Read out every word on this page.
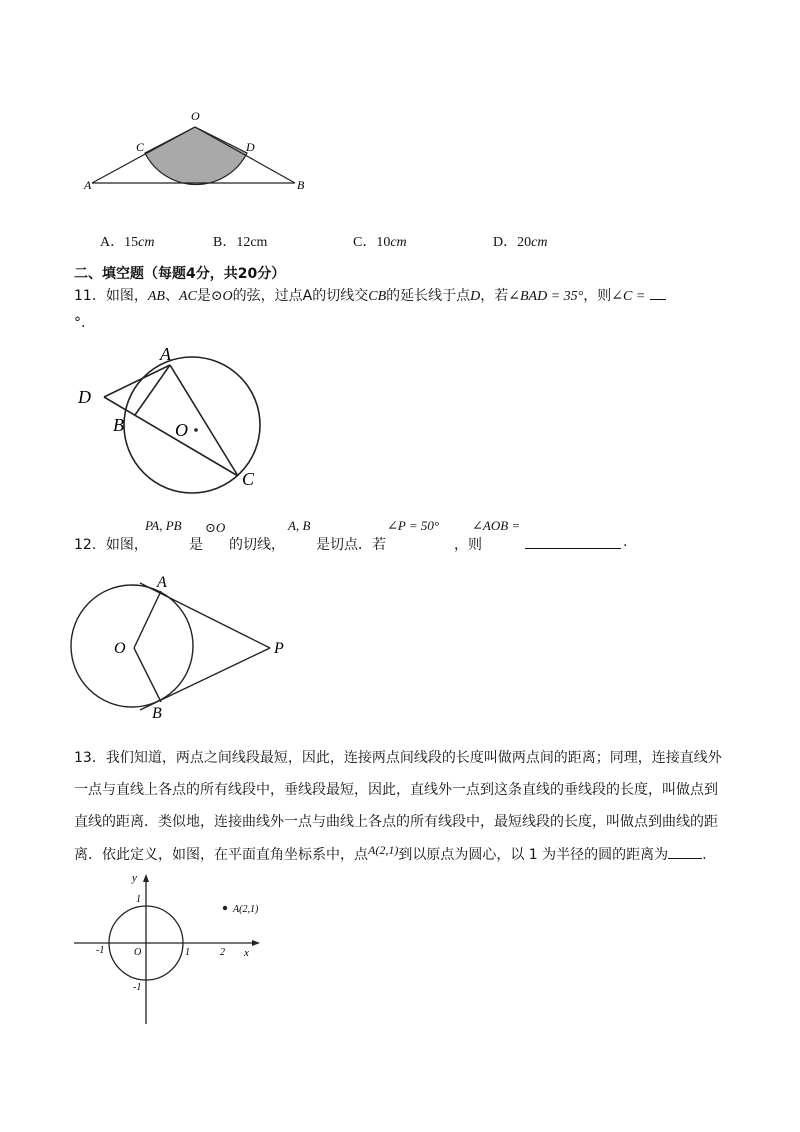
O
C	D
A	B
A．15cm	B．12cm	C．10cm	D．20cm
二、填空题（每题4分，共20分）
11．如图，AB、AC是⊙O的弦，过点A的切线交CB的延长线于点D，若∠BAD = 35°，则∠C =
°.
A
D
B	O
C
12．如图，
PA, PB
是
⊙O
的切线，
A, B
是切点．若
∠P = 50°
，则
∠AOB =
.
A
O	P
B
13．我们知道，两点之间线段最短，因此，连接两点间线段的长度叫做两点间的距离；同理，连接直线外
一点与直线上各点的所有线段中，垂线段最短，因此，直线外一点到这条直线的垂线段的长度，叫做点到
直线的距离．类似地，连接曲线外一点与曲线上各点的所有线段中，最短线段的长度，叫做点到曲线的距
离．依此定义，如图，在平面直角坐标系中，点A(2,1)到以原点为圆心，以 1 为半径的圆的距离为 .
y
x
1
-1
-1	O	1	2
A(2,1)
